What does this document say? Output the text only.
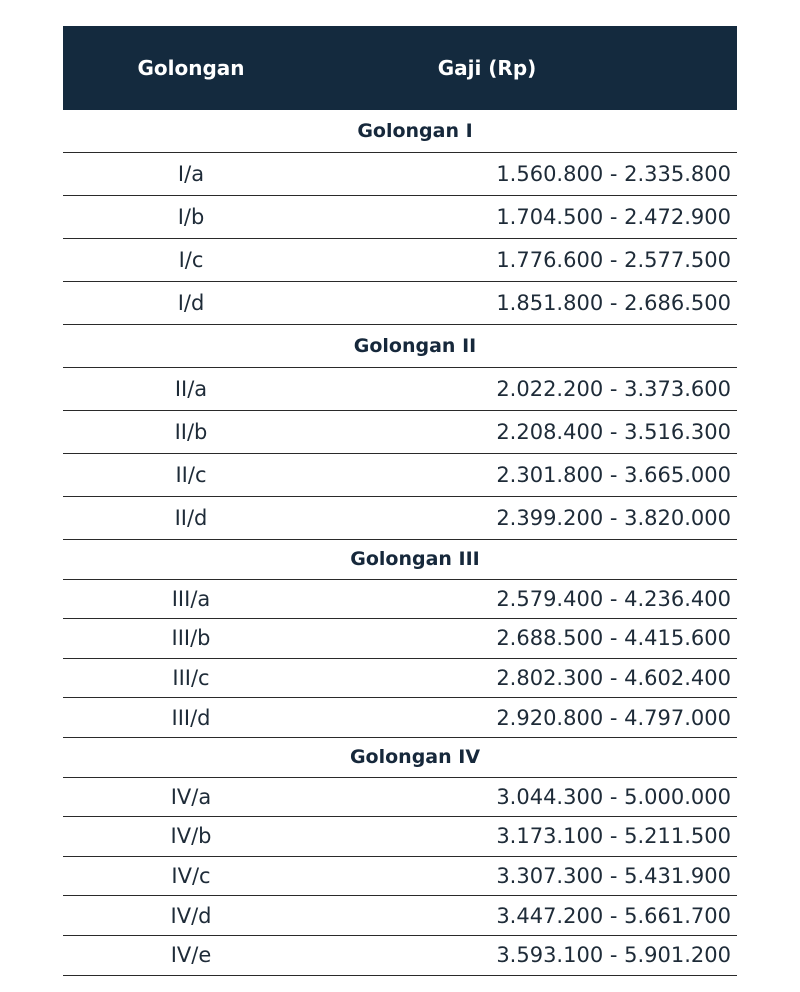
Golongan	Gaji (Rp)
Golongan I
I/a	1.560.800 - 2.335.800
I/b	1.704.500 - 2.472.900
I/c	1.776.600 - 2.577.500
I/d	1.851.800 - 2.686.500
Golongan II
II/a	2.022.200 - 3.373.600
II/b	2.208.400 - 3.516.300
II/c	2.301.800 - 3.665.000
II/d	2.399.200 - 3.820.000
Golongan III
III/a	2.579.400 - 4.236.400
III/b	2.688.500 - 4.415.600
III/c	2.802.300 - 4.602.400
III/d	2.920.800 - 4.797.000
Golongan IV
IV/a	3.044.300 - 5.000.000
IV/b	3.173.100 - 5.211.500
IV/c	3.307.300 - 5.431.900
IV/d	3.447.200 - 5.661.700
IV/e	3.593.100 - 5.901.200
